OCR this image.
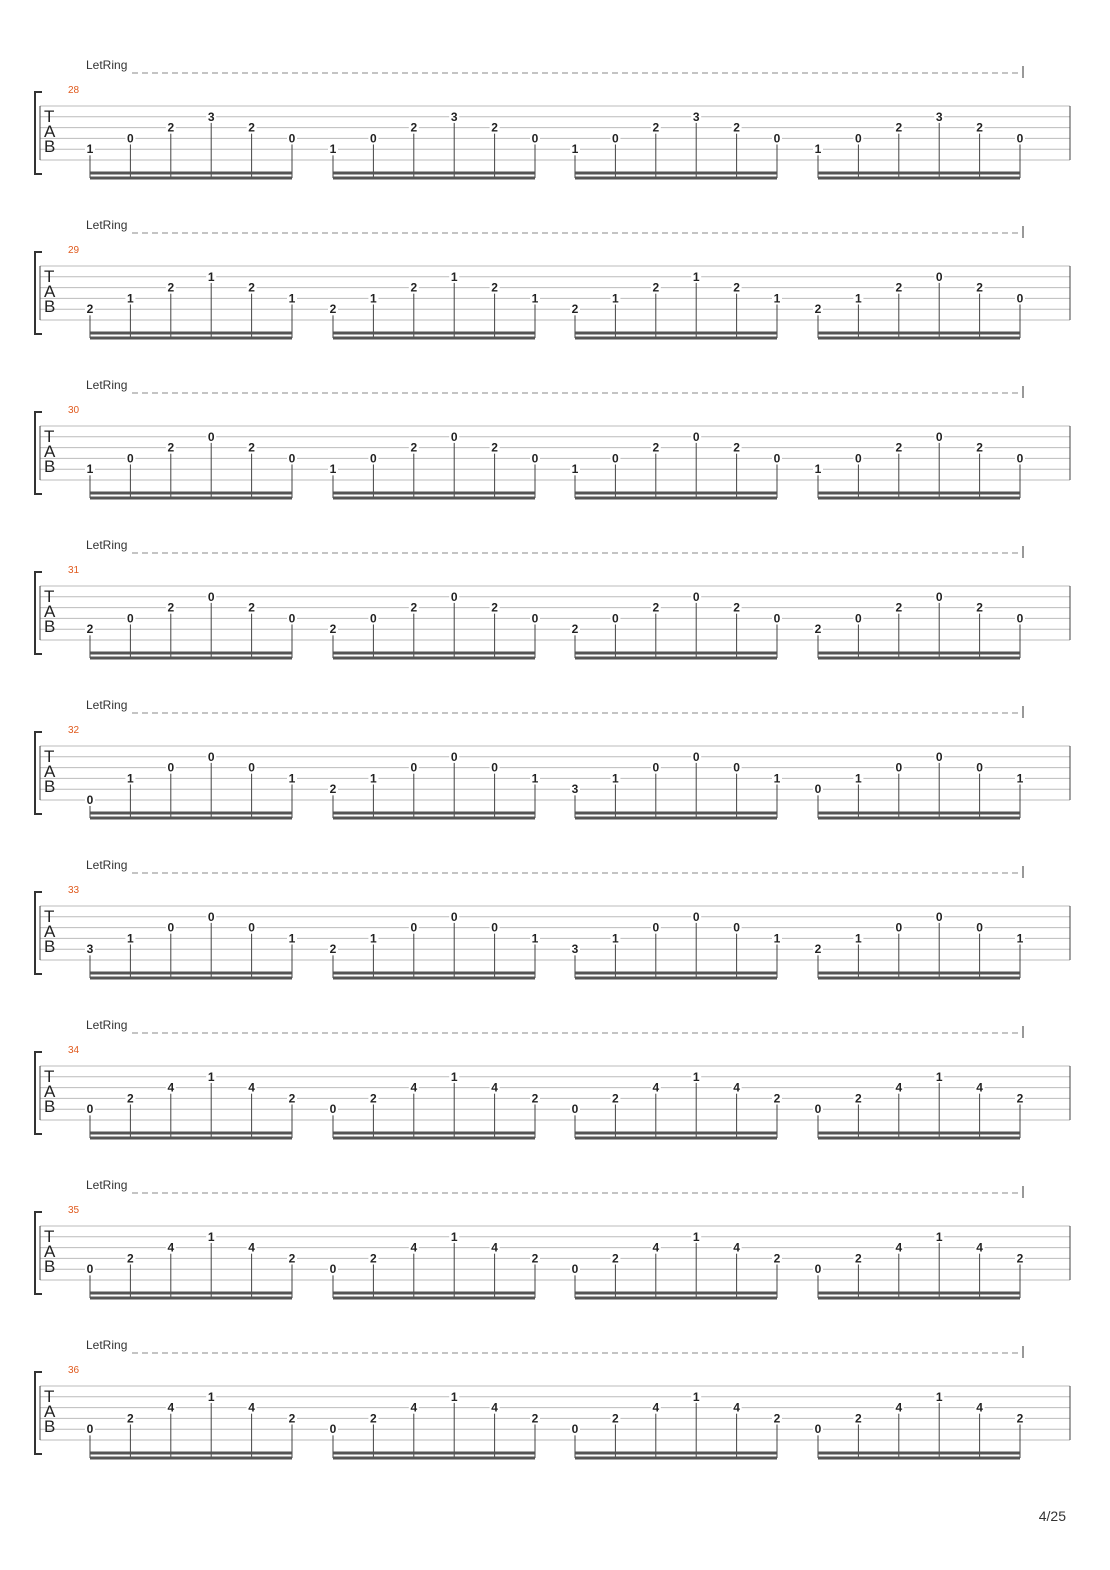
1
0
2
3
2
0
1
0
2
3
2
0
1
0
2
3
2
0
1
0
2
3
2
0
LetRing
28
T
A
B
2
1
2
1
2
1
2
1
2
1
2
1
2
1
2
1
2
1
2
1
2
0
2
0
LetRing
29
T
A
B
1
0
2
0
2
0
1
0
2
0
2
0
1
0
2
0
2
0
1
0
2
0
2
0
LetRing
30
T
A
B
2
0
2
0
2
0
2
0
2
0
2
0
2
0
2
0
2
0
2
0
2
0
2
0
LetRing
31
T
A
B
0
1
0
0
0
1
2
1
0
0
0
1
3
1
0
0
0
1
0
1
0
0
0
1
LetRing
32
T
A
B
3
1
0
0
0
1
2
1
0
0
0
1
3
1
0
0
0
1
2
1
0
0
0
1
LetRing
33
T
A
B
0
2
4
1
4
2
0
2
4
1
4
2
0
2
4
1
4
2
0
2
4
1
4
2
LetRing
34
T
A
B
0
2
4
1
4
2
0
2
4
1
4
2
0
2
4
1
4
2
0
2
4
1
4
2
LetRing
35
T
A
B
0
2
4
1
4
2
0
2
4
1
4
2
0
2
4
1
4
2
0
2
4
1
4
2
LetRing
36
T
A
B
4/25
